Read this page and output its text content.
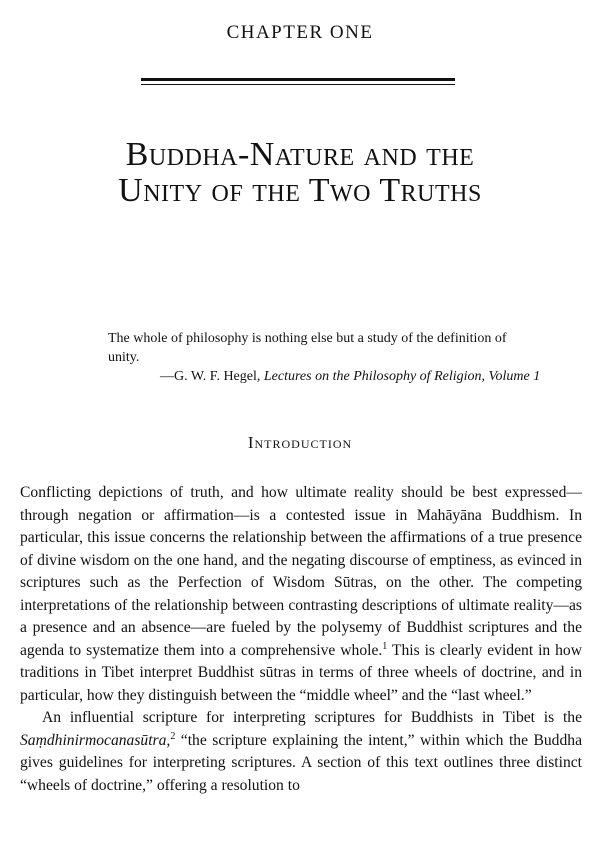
CHAPTER ONE
Buddha-Nature and the
Unity of the Two Truths
The whole of philosophy is nothing else but a study of the definition of unity.
—G. W. F. Hegel, Lectures on the Philosophy of Religion, Volume 1
Introduction

Conflicting depictions of truth, and how ultimate reality should be best expressed—through negation or affirmation—is a contested issue in Mahāyāna Buddhism. In particular, this issue concerns the relationship between the affirmations of a true presence of divine wisdom on the one hand, and the negating discourse of emptiness, as evinced in scriptures such as the Perfection of Wisdom Sūtras, on the other. The competing interpretations of the relationship between contrasting descriptions of ultimate reality—as a presence and an absence—are fueled by the polysemy of Buddhist scriptures and the agenda to systematize them into a comprehensive whole.$^1$ This is clearly evident in how traditions in Tibet interpret Buddhist sūtras in terms of three wheels of doctrine, and in particular, how they distinguish between the “middle wheel” and the “last wheel.”

An influential scripture for interpreting scriptures for Buddhists in Tibet is the Saṃdhinirmocanasūtra,$^2$ “the scripture explaining the intent,” within which the Buddha gives guidelines for interpreting scriptures. A section of this text outlines three distinct “wheels of doctrine,” offering a resolution to
